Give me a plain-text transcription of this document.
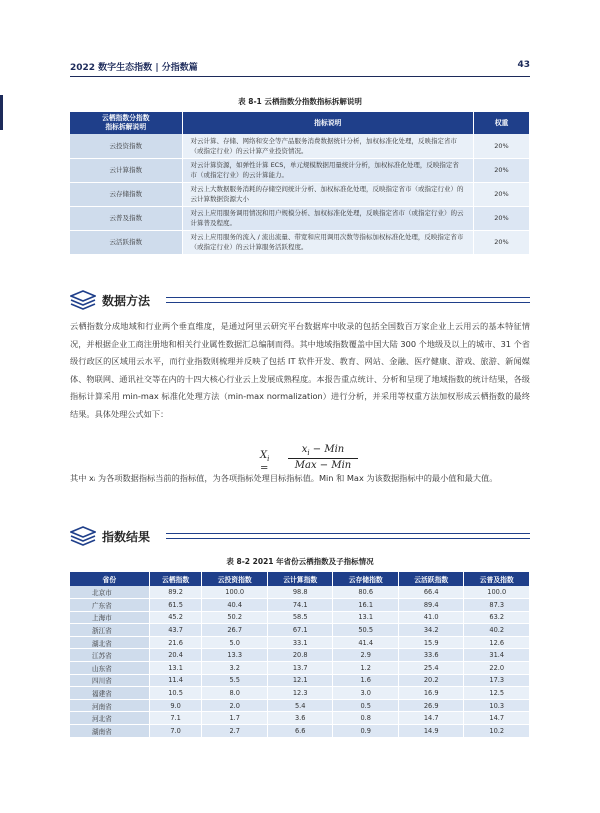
2022 数字生态指数 | 分指数篇	43
表 8-1 云栖指数分指数指标拆解说明
云栖指数分指数
指标拆解说明	指标说明	权重
云投资指数	对云计算、存储、网络和安全等产品服务消费数据统计分析，加权标准化处理，反映指定省市（或指定行业）的云计算产业投资情况。	20%
云计算指数	对云计算资源，如弹性计算 ECS，单元规模数据用量统计分析，加权标准化处理，反映指定省市（或指定行业）的云计算能力。	20%
云存储指数	对云上大数据服务消耗的存储空间统计分析、加权标准化处理，反映指定省市（或指定行业）的云计算数据资源大小	20%
云普及指数	对云上应用服务调用情况和用户规模分析、加权标准化处理，反映指定省市（或指定行业）的云计算普及程度。	20%
云活跃指数	对云上应用服务的流入 / 流出流量、带宽和应用调用次数等指标加权标准化处理，反映指定省市（或指定行业）的云计算服务活跃程度。	20%
数据方法
云栖指数分成地域和行业两个垂直维度，是通过阿里云研究平台数据库中收录的包括全国数百万家企业上云用云的基本特征情况，并根据企业工商注册地和相关行业属性数据汇总编制而得。其中地域指数覆盖中国大陆 300 个地级及以上的城市、31 个省级行政区的区域用云水平，而行业指数则梳理并反映了包括 IT 软件开发、教育、网站、金融、医疗健康、游戏、旅游、新闻媒体、物联网、通讯社交等在内的十四大核心行业云上发展成熟程度。本报告重点统计、分析和呈现了地域指数的统计结果，各级指标计算采用 min-max 标准化处理方法（min-max normalization）进行分析，并采用等权重方法加权形成云栖指数的最终结果。具体处理公式如下：
$X_i$ =
$x_i$ − Min
Max − Min
其中 xᵢ 为各项数据指标当前的指标值，为各项指标处理目标指标值。Min 和 Max 为该数据指标中的最小值和最大值。
指数结果
表 8-2 2021 年省份云栖指数及子指标情况
省份	云栖指数	云投资指数	云计算指数	云存储指数	云活跃指数	云普及指数
北京市	89.2	100.0	98.8	80.6	66.4	100.0
广东省	61.5	40.4	74.1	16.1	89.4	87.3
上海市	45.2	50.2	58.5	13.1	41.0	63.2
浙江省	43.7	26.7	67.1	50.5	34.2	40.2
湖北省	21.6	5.0	33.1	41.4	15.9	12.6
江苏省	20.4	13.3	20.8	2.9	33.6	31.4
山东省	13.1	3.2	13.7	1.2	25.4	22.0
四川省	11.4	5.5	12.1	1.6	20.2	17.3
福建省	10.5	8.0	12.3	3.0	16.9	12.5
河南省	9.0	2.0	5.4	0.5	26.9	10.3
河北省	7.1	1.7	3.6	0.8	14.7	14.7
湖南省	7.0	2.7	6.6	0.9	14.9	10.2
